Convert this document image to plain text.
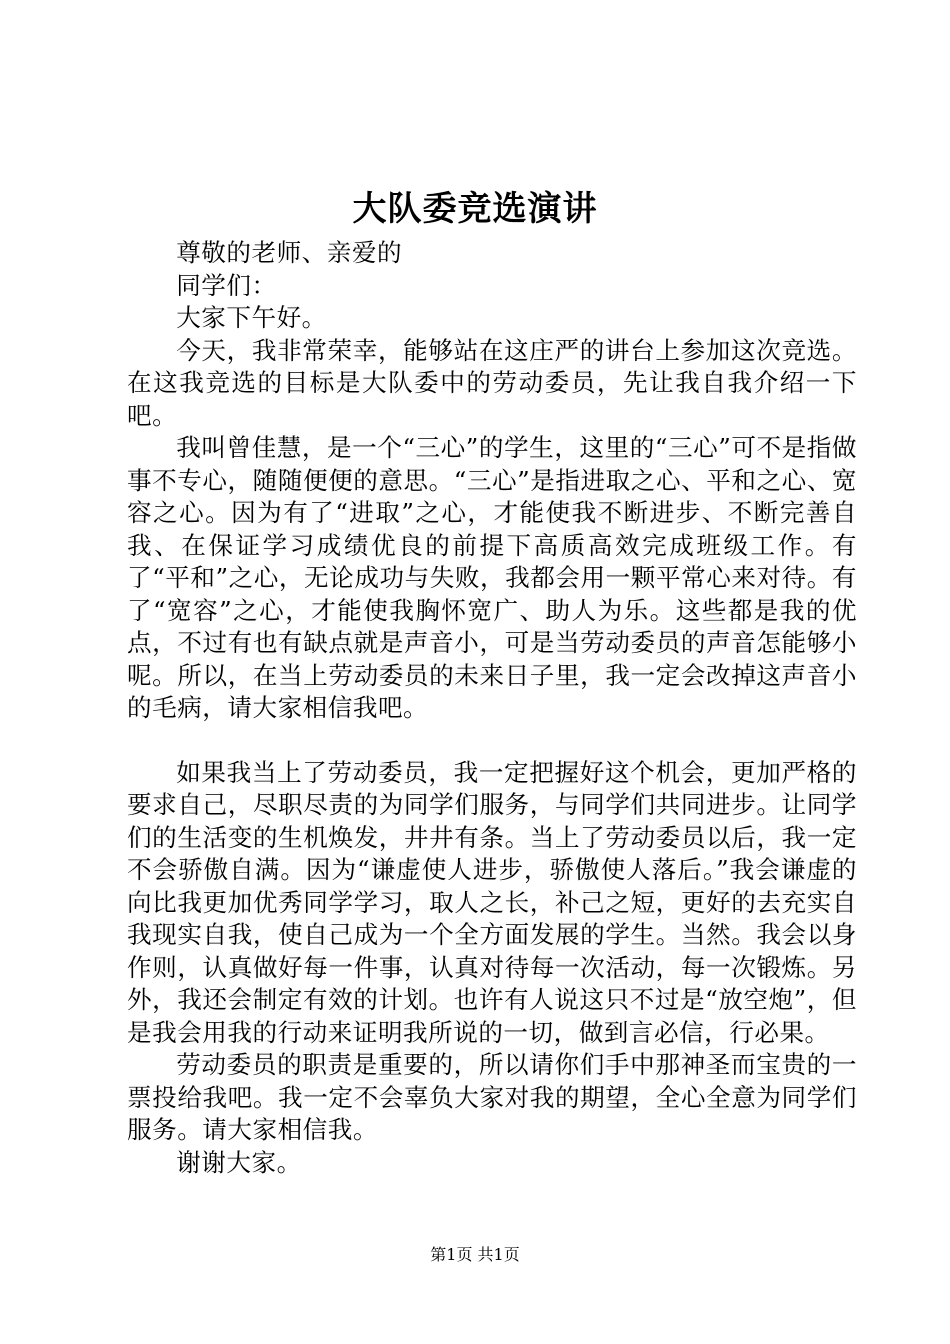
大队委竞选演讲

尊敬的老师、亲爱的

同学们：

大家下午好。

今天，我非常荣幸，能够站在这庄严的讲台上参加这次竞选。在这我竞选的目标是大队委中的劳动委员，先让我自我介绍一下吧。

我叫曾佳慧，是一个“三心”的学生，这里的“三心”可不是指做事不专心，随随便便的意思。“三心”是指进取之心、平和之心、宽容之心。因为有了“进取”之心，才能使我不断进步、不断完善自我、在保证学习成绩优良的前提下高质高效完成班级工作。有了“平和”之心，无论成功与失败，我都会用一颗平常心来对待。有了“宽容”之心，才能使我胸怀宽广、助人为乐。这些都是我的优点，不过有也有缺点就是声音小，可是当劳动委员的声音怎能够小呢。所以，在当上劳动委员的未来日子里，我一定会改掉这声音小的毛病，请大家相信我吧。

如果我当上了劳动委员，我一定把握好这个机会，更加严格的要求自己，尽职尽责的为同学们服务，与同学们共同进步。让同学们的生活变的生机焕发，井井有条。当上了劳动委员以后，我一定不会骄傲自满。因为“谦虚使人进步，骄傲使人落后。”我会谦虚的向比我更加优秀同学学习，取人之长，补己之短，更好的去充实自我现实自我，使自己成为一个全方面发展的学生。当然。我会以身作则，认真做好每一件事，认真对待每一次活动，每一次锻炼。另外，我还会制定有效的计划。也许有人说这只不过是“放空炮”，但是我会用我的行动来证明我所说的一切，做到言必信，行必果。

劳动委员的职责是重要的，所以请你们手中那神圣而宝贵的一票投给我吧。我一定不会辜负大家对我的期望，全心全意为同学们服务。请大家相信我。

谢谢大家。

第1页 共1页
